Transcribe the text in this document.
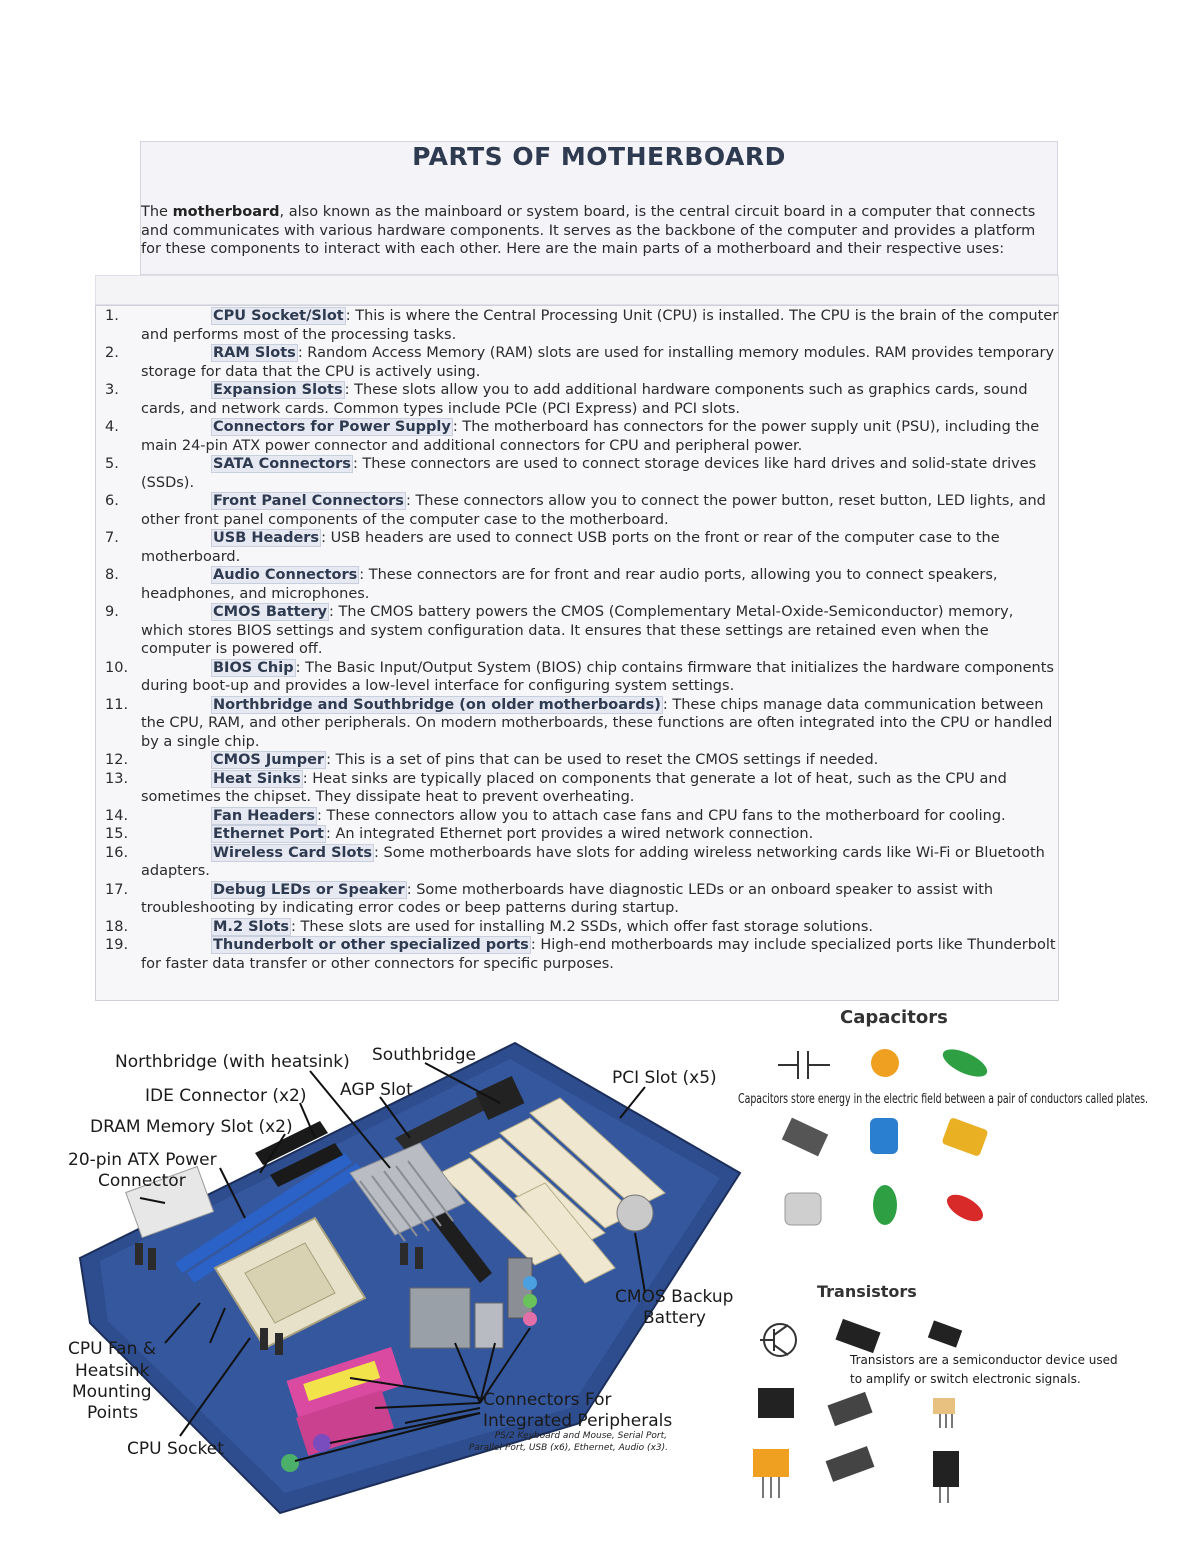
PARTS OF MOTHERBOARD
The motherboard, also known as the mainboard or system board, is the central circuit board in a computer that connects and communicates with various hardware components. It serves as the backbone of the computer and provides a platform for these components to interact with each other. Here are the main parts of a motherboard and their respective uses:
1.	CPU Socket/Slot : This is where the Central Processing Unit (CPU) is installed. The CPU is the brain of the computer and performs most of the processing tasks.
2.	RAM Slots : Random Access Memory (RAM) slots are used for installing memory modules. RAM provides temporary storage for data that the CPU is actively using.
3.	Expansion Slots : These slots allow you to add additional hardware components such as graphics cards, sound cards, and network cards. Common types include PCIe (PCI Express) and PCI slots.
4.	Connectors for Power Supply : The motherboard has connectors for the power supply unit (PSU), including the main 24-pin ATX power connector and additional connectors for CPU and peripheral power.
5.	SATA Connectors : These connectors are used to connect storage devices like hard drives and solid-state drives (SSDs).
6.	Front Panel Connectors : These connectors allow you to connect the power button, reset button, LED lights, and other front panel components of the computer case to the motherboard.
7.	USB Headers : USB headers are used to connect USB ports on the front or rear of the computer case to the motherboard.
8.	Audio Connectors : These connectors are for front and rear audio ports, allowing you to connect speakers, headphones, and microphones.
9.	CMOS Battery : The CMOS battery powers the CMOS (Complementary Metal-Oxide-Semiconductor) memory, which stores BIOS settings and system configuration data. It ensures that these settings are retained even when the computer is powered off.
10.	BIOS Chip : The Basic Input/Output System (BIOS) chip contains firmware that initializes the hardware components during boot-up and provides a low-level interface for configuring system settings.
11.	Northbridge and Southbridge (on older motherboards) : These chips manage data communication between the CPU, RAM, and other peripherals. On modern motherboards, these functions are often integrated into the CPU or handled by a single chip.
12.	CMOS Jumper : This is a set of pins that can be used to reset the CMOS settings if needed.
13.	Heat Sinks : Heat sinks are typically placed on components that generate a lot of heat, such as the CPU and sometimes the chipset. They dissipate heat to prevent overheating.
14.	Fan Headers : These connectors allow you to attach case fans and CPU fans to the motherboard for cooling.
15.	Ethernet Port : An integrated Ethernet port provides a wired network connection.
16.	Wireless Card Slots : Some motherboards have slots for adding wireless networking cards like Wi-Fi or Bluetooth adapters.
17.	Debug LEDs or Speaker : Some motherboards have diagnostic LEDs or an onboard speaker to assist with troubleshooting by indicating error codes or beep patterns during startup.
18.	M.2 Slots : These slots are used for installing M.2 SSDs, which offer fast storage solutions.
19.	Thunderbolt or other specialized ports : High-end motherboards may include specialized ports like Thunderbolt for faster data transfer or other connectors for specific purposes.
Northbridge (with heatsink) Southbridge
IDE Connector (x2) AGP Slot
PCI Slot (x5)
DRAM Memory Slot (x2)
20-pin ATX Power
Connector
CMOS Backup
Battery
CPU Fan &
Heatsink
Mounting
Points
Connectors For
Integrated Peripherals
CPU Socket
PS/2 Keyboard and Mouse, Serial Port,
Parallel Port, USB (x6), Ethernet, Audio (x3).
Capacitors
Capacitors store energy in the electric field between a pair of conductors called plates.
Transistors
Transistors are a semiconductor device used
to amplify or switch electronic signals.
